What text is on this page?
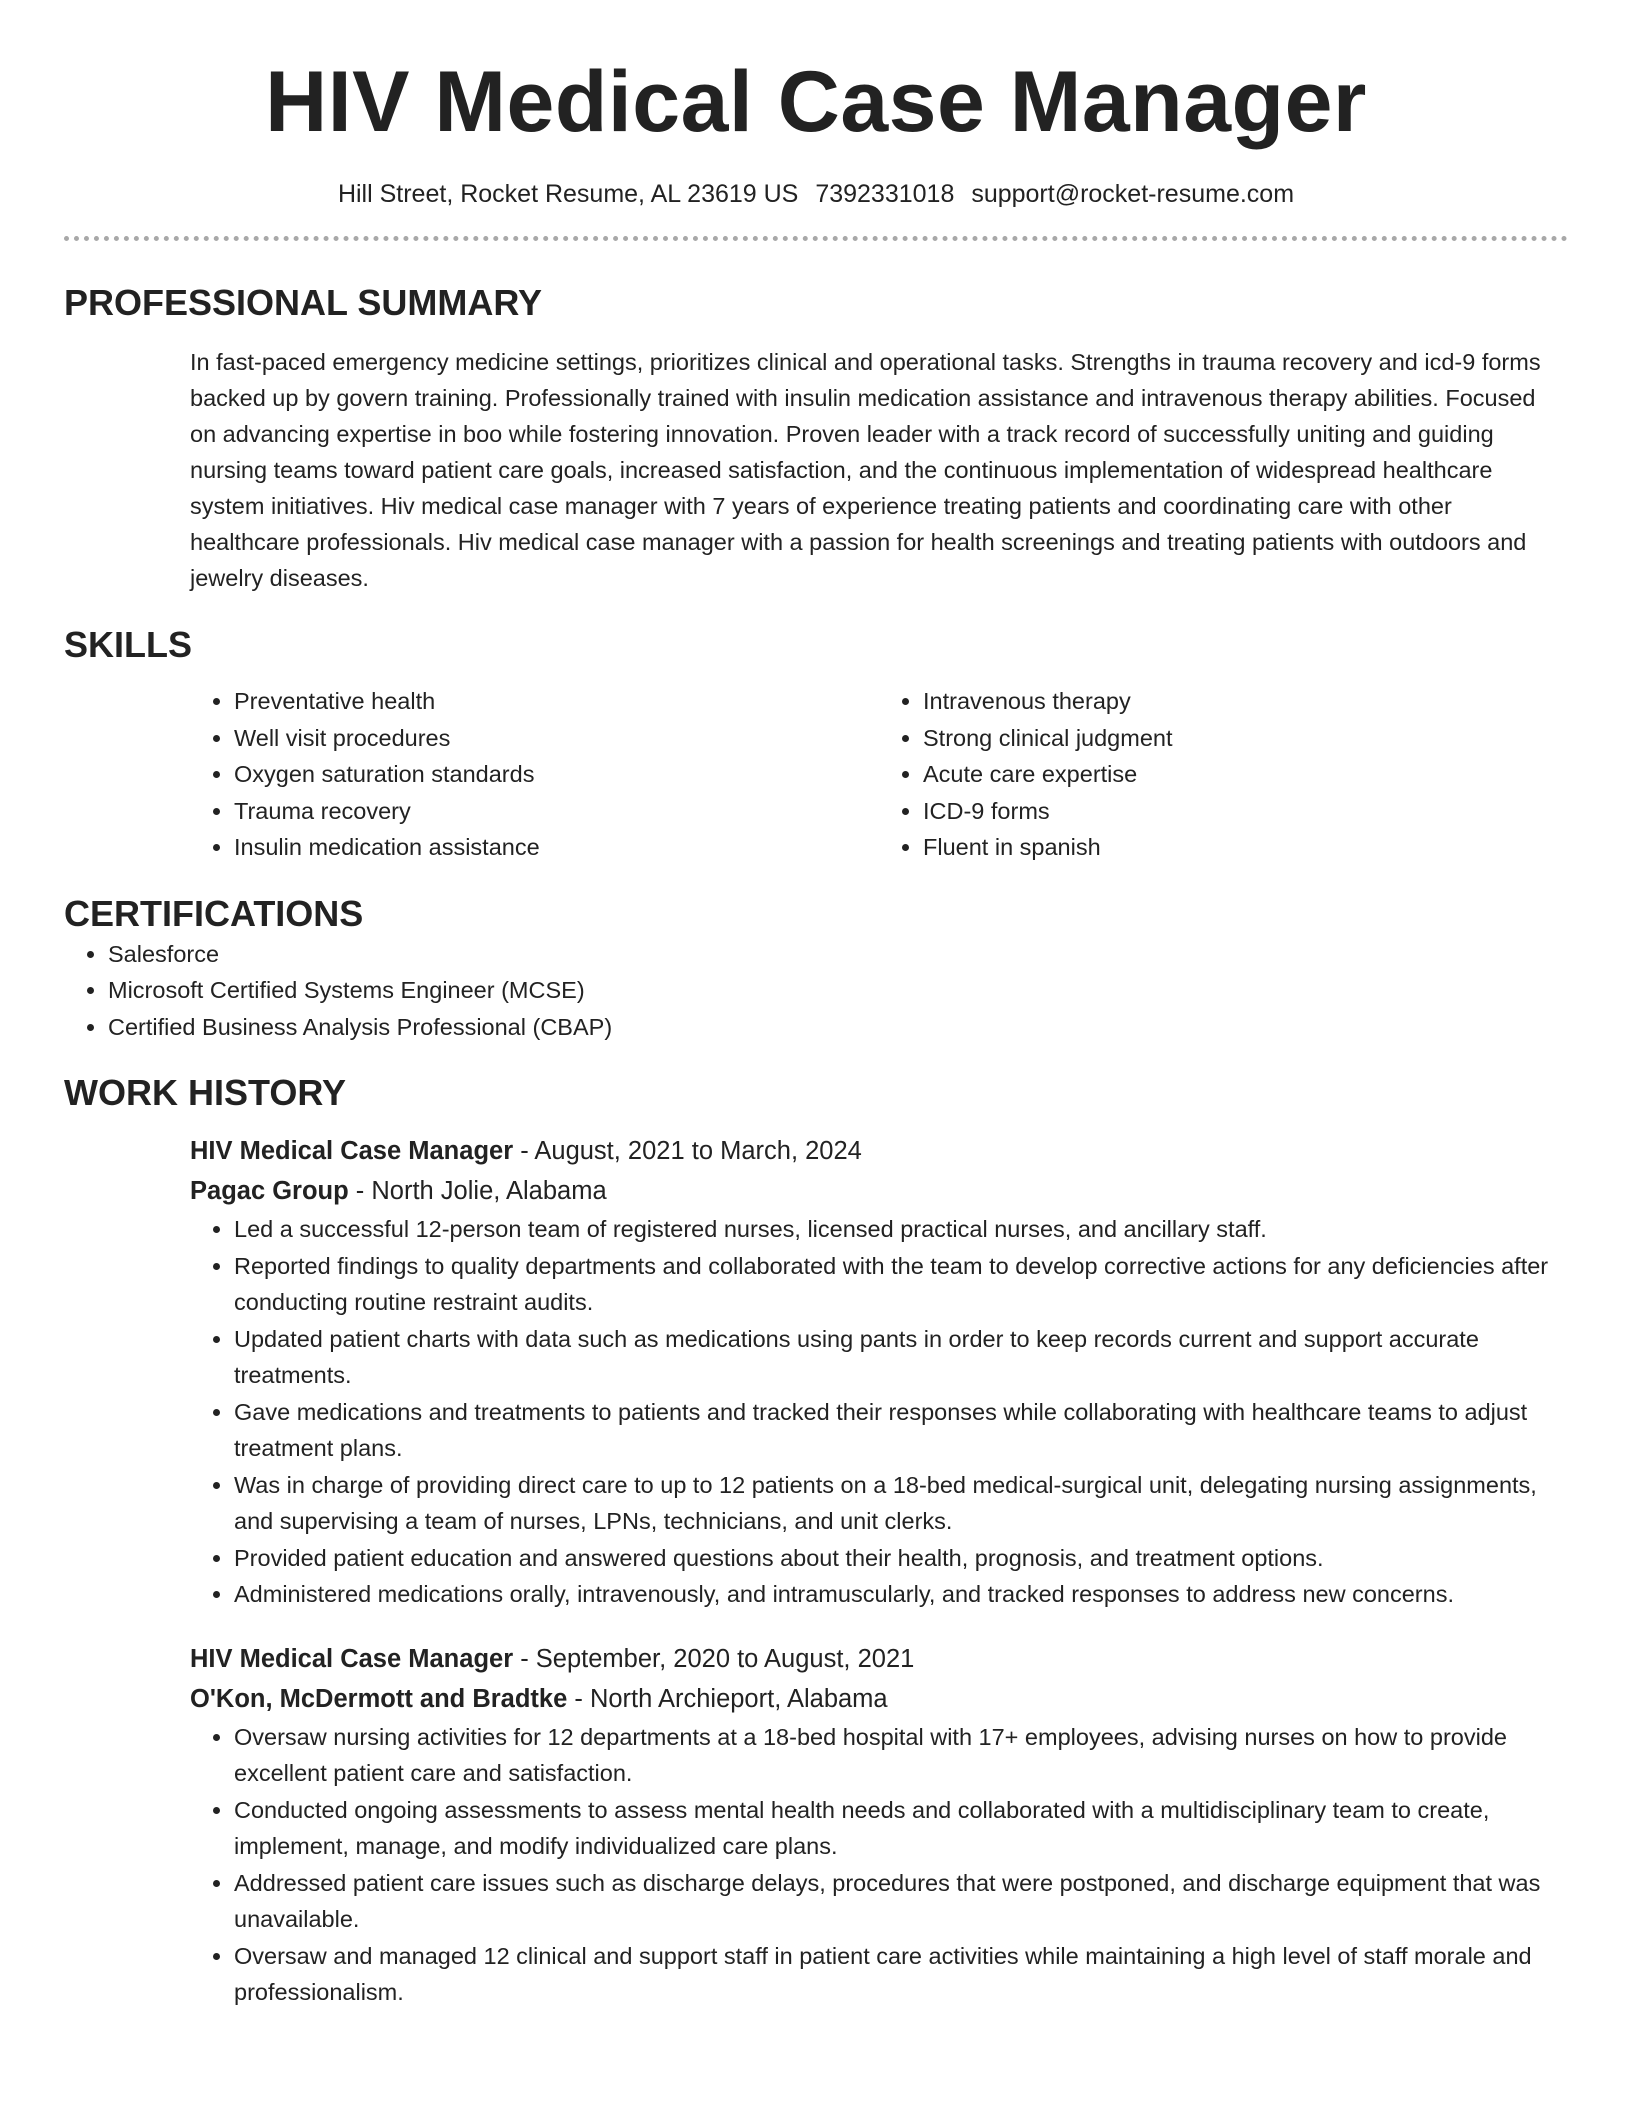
HIV Medical Case Manager
Hill Street, Rocket Resume, AL 23619 US 7392331018 support@rocket-resume.com
PROFESSIONAL SUMMARY

In fast-paced emergency medicine settings, prioritizes clinical and operational tasks. Strengths in trauma recovery and icd-9 forms backed up by govern training. Professionally trained with insulin medication assistance and intravenous therapy abilities. Focused on advancing expertise in boo while fostering innovation. Proven leader with a track record of successfully uniting and guiding nursing teams toward patient care goals, increased satisfaction, and the continuous implementation of widespread healthcare system initiatives. Hiv medical case manager with 7 years of experience treating patients and coordinating care with other healthcare professionals. Hiv medical case manager with a passion for health screenings and treating patients with outdoors and jewelry diseases.

SKILLS
• Preventative health
• Well visit procedures
• Oxygen saturation standards
• Trauma recovery
• Insulin medication assistance
• Intravenous therapy
• Strong clinical judgment
• Acute care expertise
• ICD-9 forms
• Fluent in spanish
CERTIFICATIONS
• Salesforce
• Microsoft Certified Systems Engineer (MCSE)
• Certified Business Analysis Professional (CBAP)
WORK HISTORY
HIV Medical Case Manager - August, 2021 to March, 2024
Pagac Group - North Jolie, Alabama
• Led a successful 12-person team of registered nurses, licensed practical nurses, and ancillary staff.
• Reported findings to quality departments and collaborated with the team to develop corrective actions for any deficiencies after conducting routine restraint audits.
• Updated patient charts with data such as medications using pants in order to keep records current and support accurate treatments.
• Gave medications and treatments to patients and tracked their responses while collaborating with healthcare teams to adjust treatment plans.
• Was in charge of providing direct care to up to 12 patients on a 18-bed medical-surgical unit, delegating nursing assignments, and supervising a team of nurses, LPNs, technicians, and unit clerks.
• Provided patient education and answered questions about their health, prognosis, and treatment options.
• Administered medications orally, intravenously, and intramuscularly, and tracked responses to address new concerns.
HIV Medical Case Manager - September, 2020 to August, 2021
O'Kon, McDermott and Bradtke - North Archieport, Alabama
• Oversaw nursing activities for 12 departments at a 18-bed hospital with 17+ employees, advising nurses on how to provide excellent patient care and satisfaction.
• Conducted ongoing assessments to assess mental health needs and collaborated with a multidisciplinary team to create, implement, manage, and modify individualized care plans.
• Addressed patient care issues such as discharge delays, procedures that were postponed, and discharge equipment that was unavailable.
• Oversaw and managed 12 clinical and support staff in patient care activities while maintaining a high level of staff morale and professionalism.
